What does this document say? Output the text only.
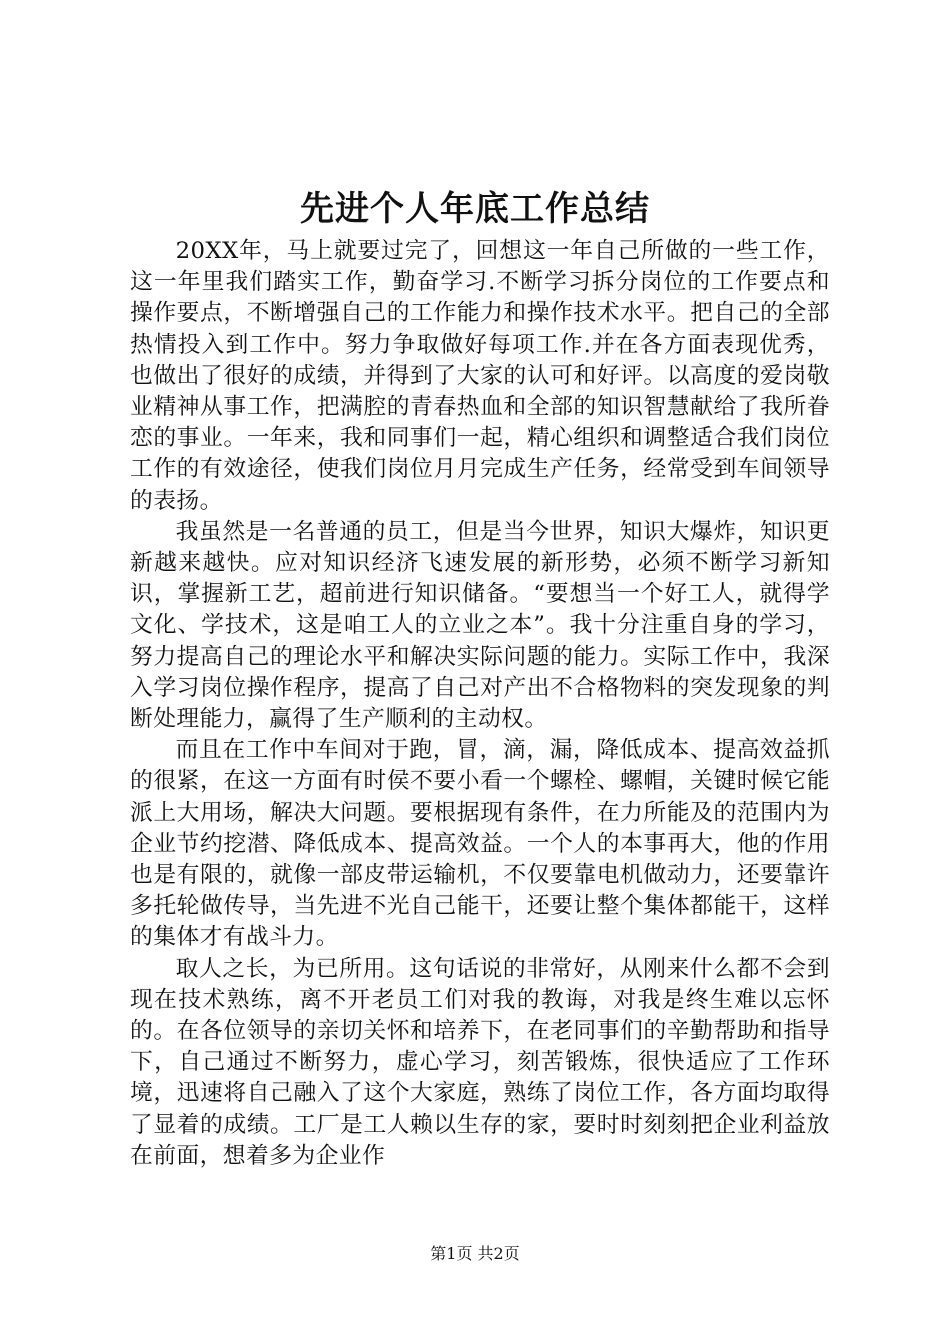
先进个人年底工作总结

20XX年，马上就要过完了，回想这一年自己所做的一些工作，这一年里我们踏实工作，勤奋学习.不断学习拆分岗位的工作要点和操作要点，不断增强自己的工作能力和操作技术水平。把自己的全部热情投入到工作中。努力争取做好每项工作.并在各方面表现优秀，也做出了很好的成绩，并得到了大家的认可和好评。以高度的爱岗敬业精神从事工作，把满腔的青春热血和全部的知识智慧献给了我所眷恋的事业。一年来，我和同事们一起，精心组织和调整适合我们岗位工作的有效途径，使我们岗位月月完成生产任务，经常受到车间领导的表扬。

我虽然是一名普通的员工，但是当今世界，知识大爆炸，知识更新越来越快。应对知识经济飞速发展的新形势，必须不断学习新知识，掌握新工艺，超前进行知识储备。“要想当一个好工人，就得学文化、学技术，这是咱工人的立业之本”。我十分注重自身的学习，努力提高自己的理论水平和解决实际问题的能力。实际工作中，我深入学习岗位操作程序，提高了自己对产出不合格物料的突发现象的判断处理能力，赢得了生产顺利的主动权。

而且在工作中车间对于跑，冒，滴，漏，降低成本、提高效益抓的很紧，在这一方面有时侯不要小看一个螺栓、螺帽，关键时候它能派上大用场，解决大问题。要根据现有条件，在力所能及的范围内为企业节约挖潜、降低成本、提高效益。一个人的本事再大，他的作用也是有限的，就像一部皮带运输机，不仅要靠电机做动力，还要靠许多托轮做传导，当先进不光自己能干，还要让整个集体都能干，这样的集体才有战斗力。

取人之长，为已所用。这句话说的非常好，从刚来什么都不会到现在技术熟练，离不开老员工们对我的教诲，对我是终生难以忘怀的。在各位领导的亲切关怀和培养下，在老同事们的辛勤帮助和指导下，自己通过不断努力，虚心学习，刻苦锻炼，很快适应了工作环境，迅速将自己融入了这个大家庭，熟练了岗位工作，各方面均取得了显着的成绩。工厂是工人赖以生存的家，要时时刻刻把企业利益放在前面，想着多为企业作

第1页 共2页
